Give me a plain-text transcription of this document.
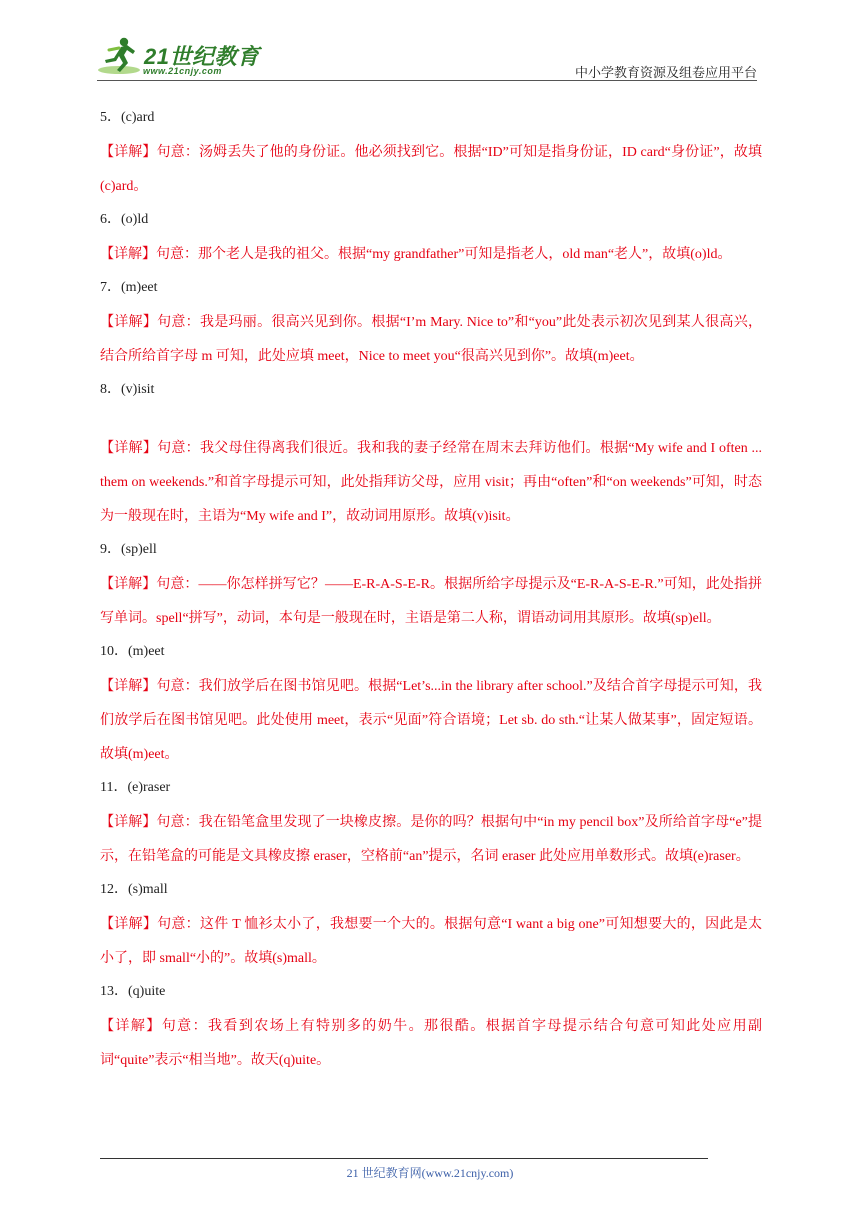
21世纪教育
www.21cnjy.com	中小学教育资源及组卷应用平台
5．(c)ard
【详解】句意：汤姆丢失了他的身份证。他必须找到它。根据“ID”可知是指身份证，ID card“身份证”，故填(c)ard。
6．(o)ld
【详解】句意：那个老人是我的祖父。根据“my grandfather”可知是指老人，old man“老人”，故填(o)ld。
7．(m)eet
【详解】句意：我是玛丽。很高兴见到你。根据“I’m Mary. Nice to”和“you”此处表示初次见到某人很高兴，结合所给首字母 m 可知，此处应填 meet，Nice to meet you“很高兴见到你”。故填(m)eet。
8．(v)isit
【详解】句意：我父母住得离我们很近。我和我的妻子经常在周末去拜访他们。根据“My wife and I often ... them on weekends.”和首字母提示可知，此处指拜访父母，应用 visit；再由“often”和“on weekends”可知，时态为一般现在时，主语为“My wife and I”，故动词用原形。故填(v)isit。
9．(sp)ell
【详解】句意：——你怎样拼写它？——E-R-A-S-E-R。根据所给字母提示及“E-R-A-S-E-R.”可知，此处指拼写单词。spell“拼写”，动词，本句是一般现在时，主语是第二人称，谓语动词用其原形。故填(sp)ell。
10．(m)eet
【详解】句意：我们放学后在图书馆见吧。根据“Let’s...in the library after school.”及结合首字母提示可知，我们放学后在图书馆见吧。此处使用 meet，表示“见面”符合语境；Let sb. do sth.“让某人做某事”，固定短语。故填(m)eet。
11．(e)raser
【详解】句意：我在铅笔盒里发现了一块橡皮擦。是你的吗？根据句中“in my pencil box”及所给首字母“e”提示，在铅笔盒的可能是文具橡皮擦 eraser，空格前“an”提示，名词 eraser 此处应用单数形式。故填(e)raser。
12．(s)mall
【详解】句意：这件 T 恤衫太小了，我想要一个大的。根据句意“I want a big one”可知想要大的，因此是太小了，即 small“小的”。故填(s)mall。
13．(q)uite
【详解】句意：我看到农场上有特别多的奶牛。那很酷。根据首字母提示结合句意可知此处应用副词“quite”表示“相当地”。故天(q)uite。
21 世纪教育网(www.21cnjy.com)
